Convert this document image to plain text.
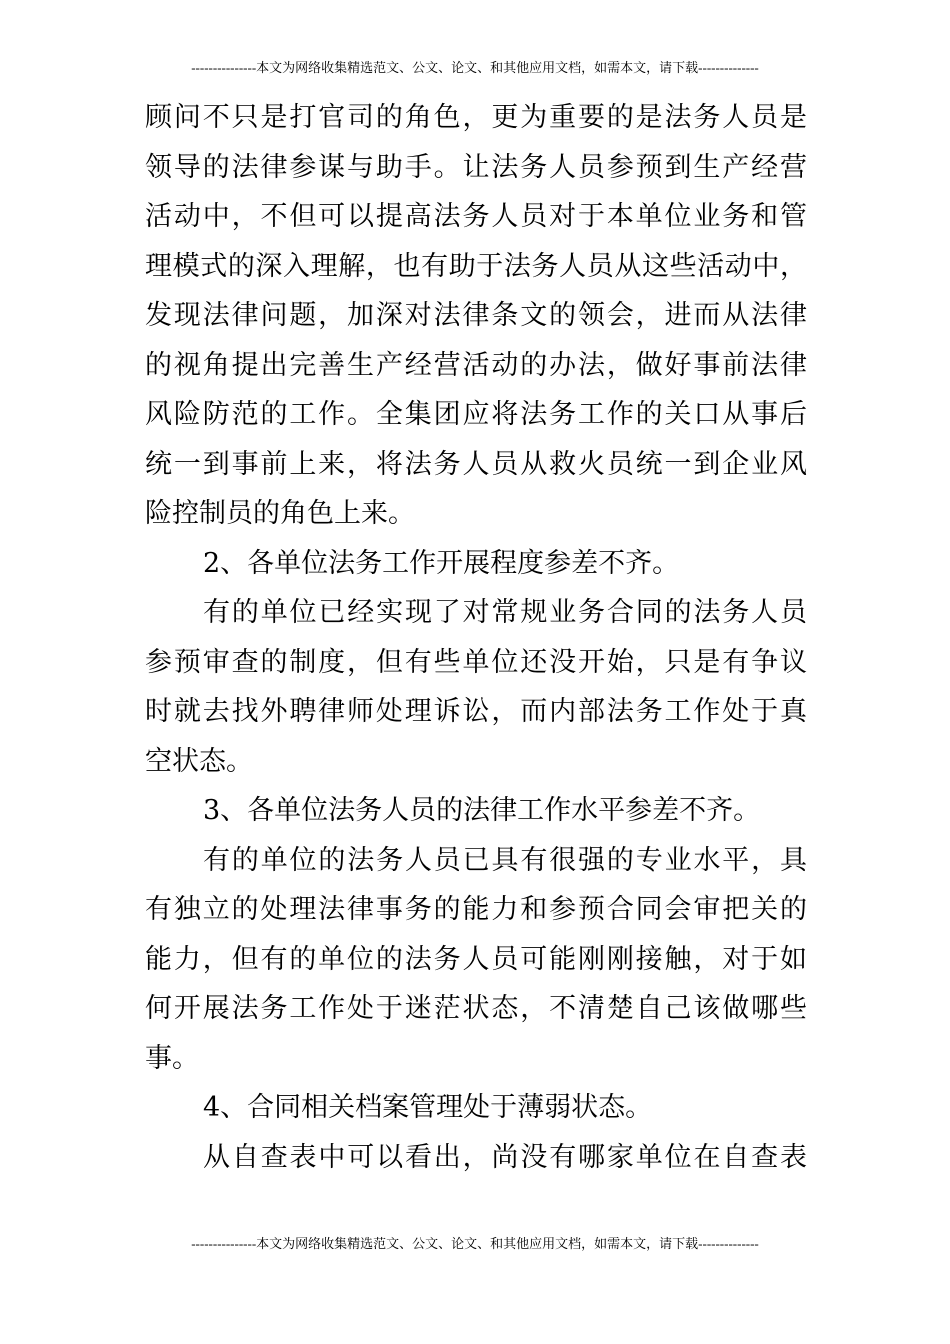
---------------本文为网络收集精选范文、公文、论文、和其他应用文档，如需本文，请下载--------------
顾问不只是打官司的角色，更为重要的是法务人员是
领导的法律参谋与助手。让法务人员参预到生产经营
活动中，不但可以提高法务人员对于本单位业务和管
理模式的深入理解，也有助于法务人员从这些活动中，
发现法律问题，加深对法律条文的领会，进而从法律
的视角提出完善生产经营活动的办法，做好事前法律
风险防范的工作。全集团应将法务工作的关口从事后
统一到事前上来，将法务人员从救火员统一到企业风
险控制员的角色上来。
2、各单位法务工作开展程度参差不齐。
有的单位已经实现了对常规业务合同的法务人员
参预审查的制度，但有些单位还没开始，只是有争议
时就去找外聘律师处理诉讼，而内部法务工作处于真
空状态。
3、各单位法务人员的法律工作水平参差不齐。
有的单位的法务人员已具有很强的专业水平，具
有独立的处理法律事务的能力和参预合同会审把关的
能力，但有的单位的法务人员可能刚刚接触，对于如
何开展法务工作处于迷茫状态，不清楚自己该做哪些
事。
4、合同相关档案管理处于薄弱状态。
从自查表中可以看出，尚没有哪家单位在自查表
---------------本文为网络收集精选范文、公文、论文、和其他应用文档，如需本文，请下载--------------
